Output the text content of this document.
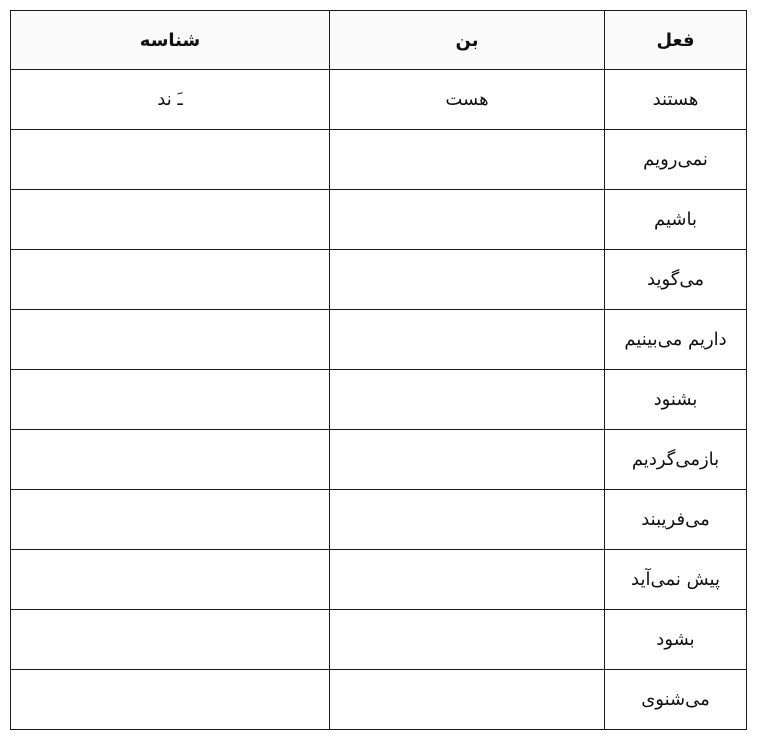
فعل	بن	شناسه
هستند	هست	ـَ ند
نمی‌رویم		
باشیم		
می‌گوید		
داریم می‌بینیم		
بشنود		
بازمی‌گردیم		
می‌فریبند		
پیش نمی‌آید		
بشود		
می‌شنوی		
